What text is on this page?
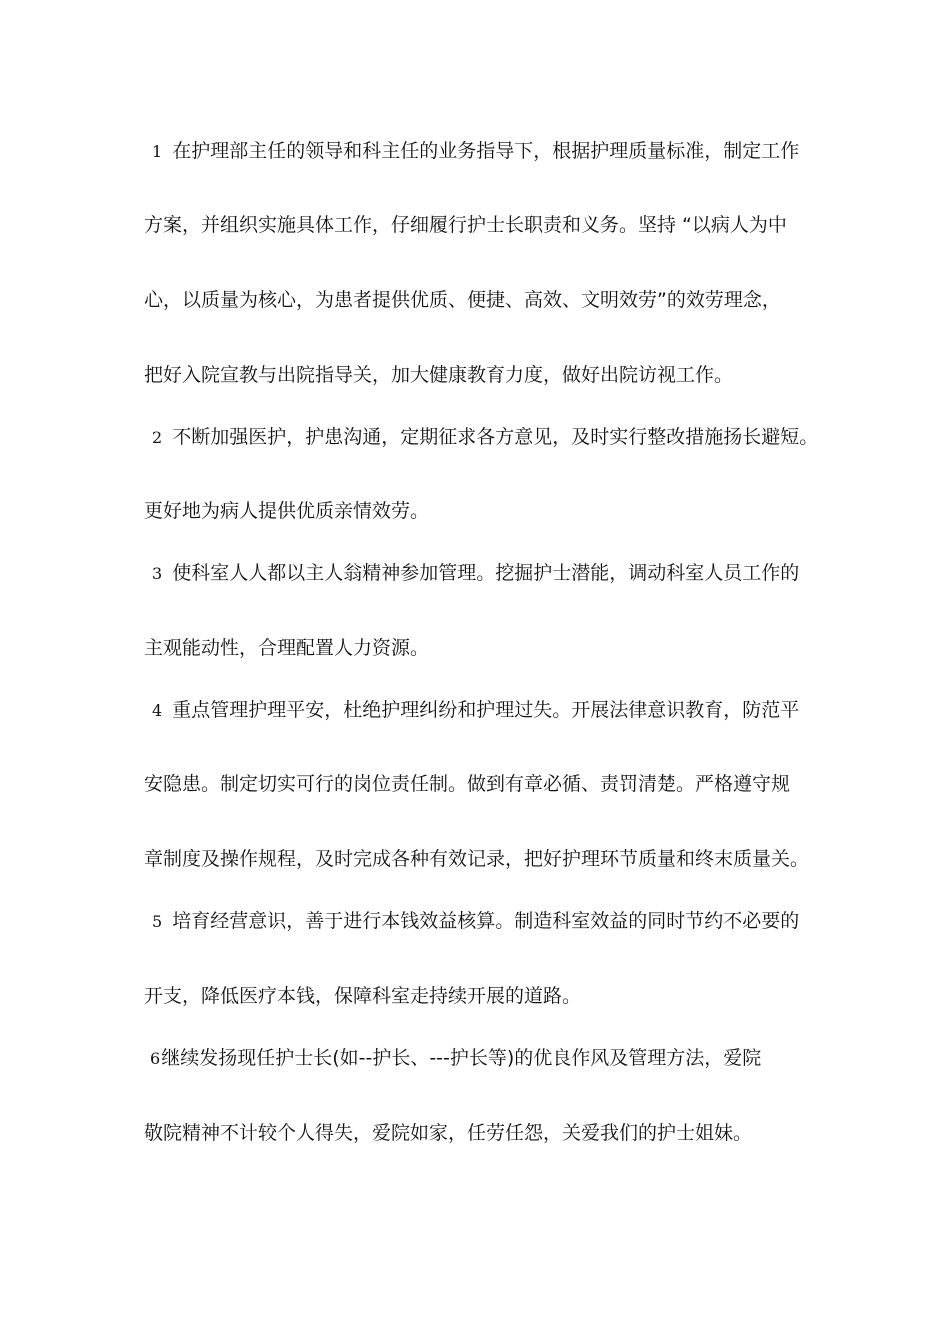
1 在护理部主任的领导和科主任的业务指导下，根据护理质量标准，制定工作
方案，并组织实施具体工作，仔细履行护士长职责和义务。坚持 “以病人为中
心，以质量为核心，为患者提供优质、便捷、高效、文明效劳”的效劳理念，
把好入院宣教与出院指导关，加大健康教育力度，做好出院访视工作。
2 不断加强医护，护患沟通，定期征求各方意见，及时实行整改措施扬长避短。
更好地为病人提供优质亲情效劳。
3 使科室人人都以主人翁精神参加管理。挖掘护士潜能，调动科室人员工作的
主观能动性，合理配置人力资源。
4 重点管理护理平安，杜绝护理纠纷和护理过失。开展法律意识教育，防范平
安隐患。制定切实可行的岗位责任制。做到有章必循、责罚清楚。严格遵守规
章制度及操作规程，及时完成各种有效记录，把好护理环节质量和终末质量关。
5 培育经营意识，善于进行本钱效益核算。制造科室效益的同时节约不必要的
开支，降低医疗本钱，保障科室走持续开展的道路。
6继续发扬现任护士长(如--护长、---护长等)的优良作风及管理方法，爱院
敬院精神不计较个人得失，爱院如家，任劳任怨，关爱我们的护士姐妹。
